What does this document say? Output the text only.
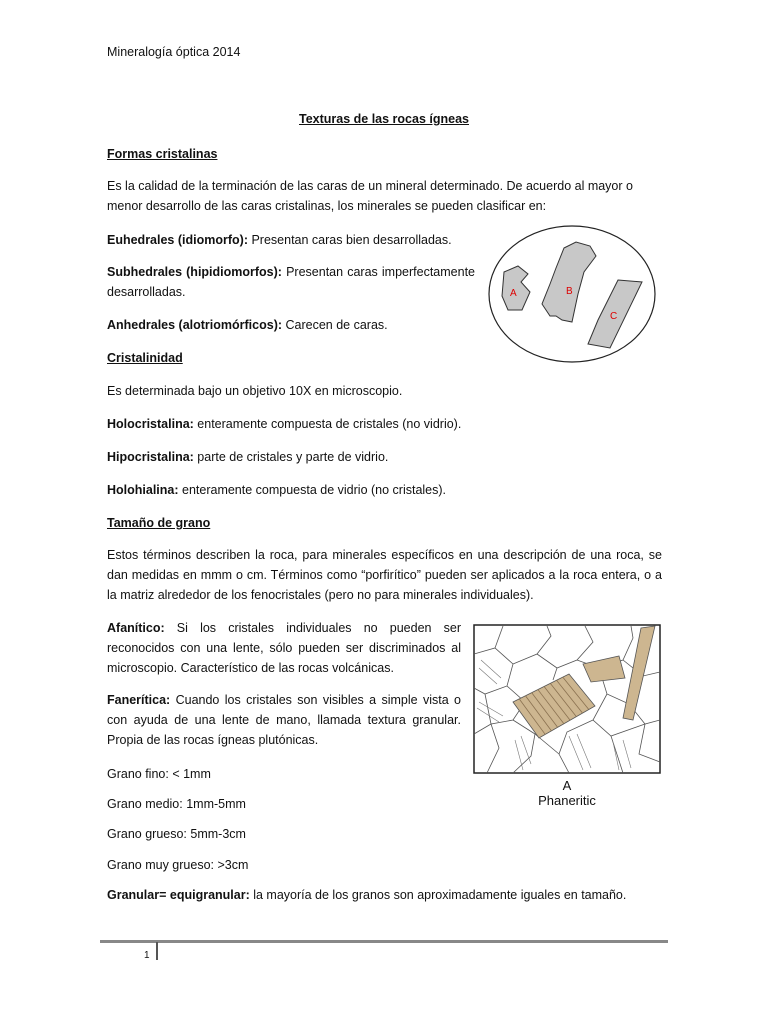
Mineralogía óptica 2014
Texturas de las rocas ígneas
Formas cristalinas

Es la calidad de la terminación de las caras de un mineral determinado. De acuerdo al mayor o menor desarrollo de las caras cristalinas, los minerales se pueden clasificar en:

Euhedrales (idiomorfo): Presentan caras bien desarrolladas.

Subhedrales (hipidiomorfos): Presentan caras imperfectamente desarrolladas.

Anhedrales (alotriomórficos): Carecen de caras.

A	B
C
Cristalinidad

Es determinada bajo un objetivo 10X en microscopio.

Holocristalina: enteramente compuesta de cristales (no vidrio).

Hipocristalina: parte de cristales y parte de vidrio.

Holohialina: enteramente compuesta de vidrio (no cristales).

Tamaño de grano

Estos términos describen la roca, para minerales específicos en una descripción de una roca, se dan medidas en mmm o cm. Términos como “porfirítico” pueden ser aplicados a la roca entera, o a la matriz alrededor de los fenocristales (pero no para minerales individuales).

Afanítico: Si los cristales individuales no pueden ser reconocidos con una lente, sólo pueden ser discriminados al microscopio. Característico de las rocas volcánicas.

Fanerítica: Cuando los cristales son visibles a simple vista o con ayuda de una lente de mano, llamada textura granular. Propia de las rocas ígneas plutónicas.

Grano fino: < 1mm

Grano medio: 1mm-5mm

Grano grueso: 5mm-3cm

Grano muy grueso: >3cm

Granular= equigranular: la mayoría de los granos son aproximadamente iguales en tamaño.

A
Phaneritic
1
